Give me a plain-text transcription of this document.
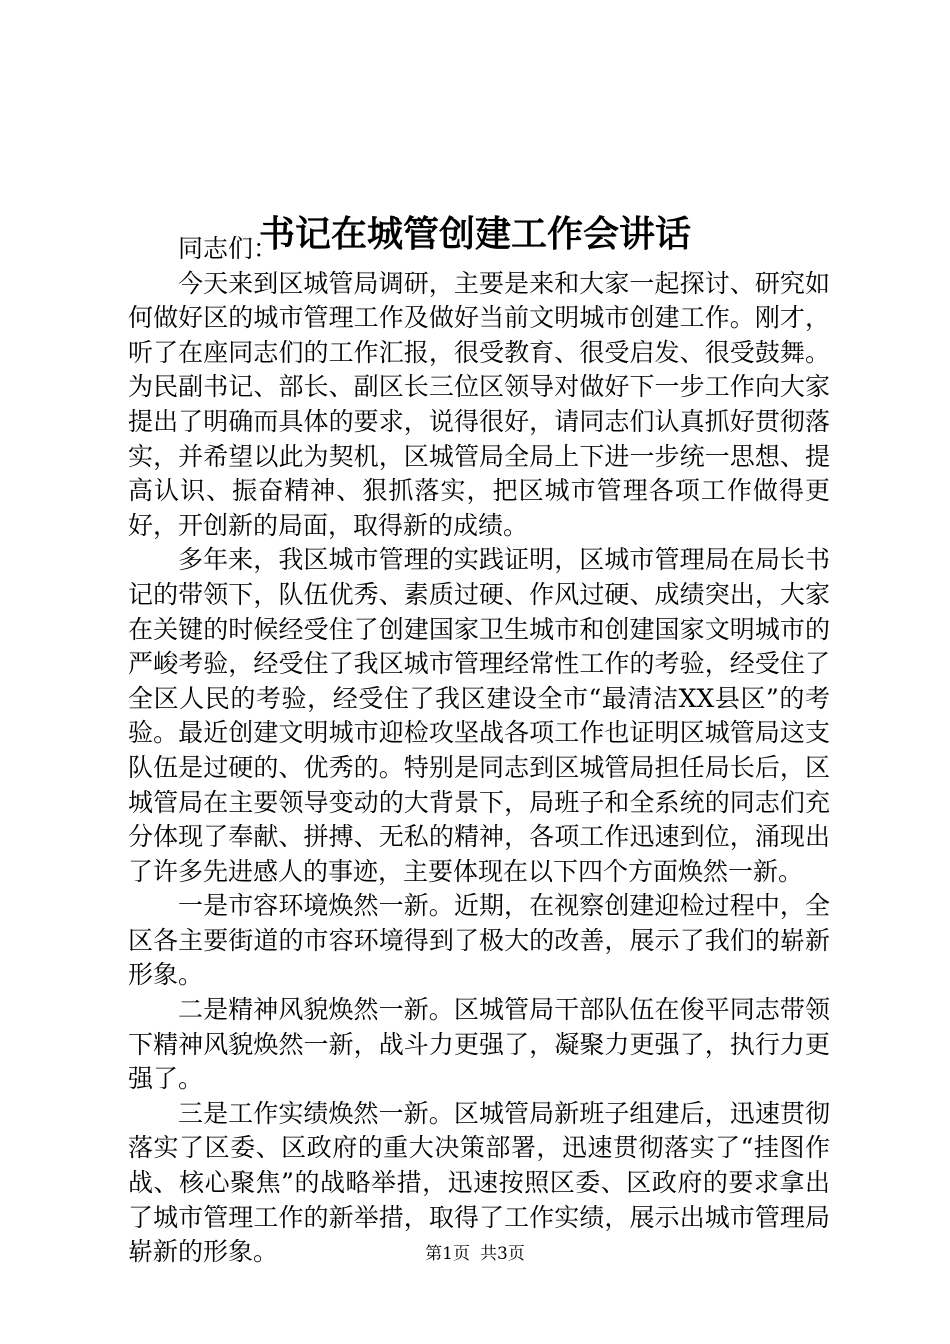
书记在城管创建工作会讲话

同志们：

今天来到区城管局调研，主要是来和大家一起探讨、研究如何做好区的城市管理工作及做好当前文明城市创建工作。刚才，听了在座同志们的工作汇报，很受教育、很受启发、很受鼓舞。为民副书记、部长、副区长三位区领导对做好下一步工作向大家提出了明确而具体的要求，说得很好，请同志们认真抓好贯彻落实，并希望以此为契机，区城管局全局上下进一步统一思想、提高认识、振奋精神、狠抓落实，把区城市管理各项工作做得更好，开创新的局面，取得新的成绩。

多年来，我区城市管理的实践证明，区城市管理局在局长书记的带领下，队伍优秀、素质过硬、作风过硬、成绩突出，大家在关键的时候经受住了创建国家卫生城市和创建国家文明城市的严峻考验，经受住了我区城市管理经常性工作的考验，经受住了全区人民的考验，经受住了我区建设全市“最清洁XX县区”的考验。最近创建文明城市迎检攻坚战各项工作也证明区城管局这支队伍是过硬的、优秀的。特别是同志到区城管局担任局长后，区城管局在主要领导变动的大背景下，局班子和全系统的同志们充分体现了奉献、拼搏、无私的精神，各项工作迅速到位，涌现出了许多先进感人的事迹，主要体现在以下四个方面焕然一新。

一是市容环境焕然一新。近期，在视察创建迎检过程中，全区各主要街道的市容环境得到了极大的改善，展示了我们的崭新形象。

二是精神风貌焕然一新。区城管局干部队伍在俊平同志带领下精神风貌焕然一新，战斗力更强了，凝聚力更强了，执行力更强了。

三是工作实绩焕然一新。区城管局新班子组建后，迅速贯彻落实了区委、区政府的重大决策部署，迅速贯彻落实了“挂图作战、核心聚焦”的战略举措，迅速按照区委、区政府的要求拿出了城市管理工作的新举措，取得了工作实绩，展示出城市管理局崭新的形象。	第1页 共3页
